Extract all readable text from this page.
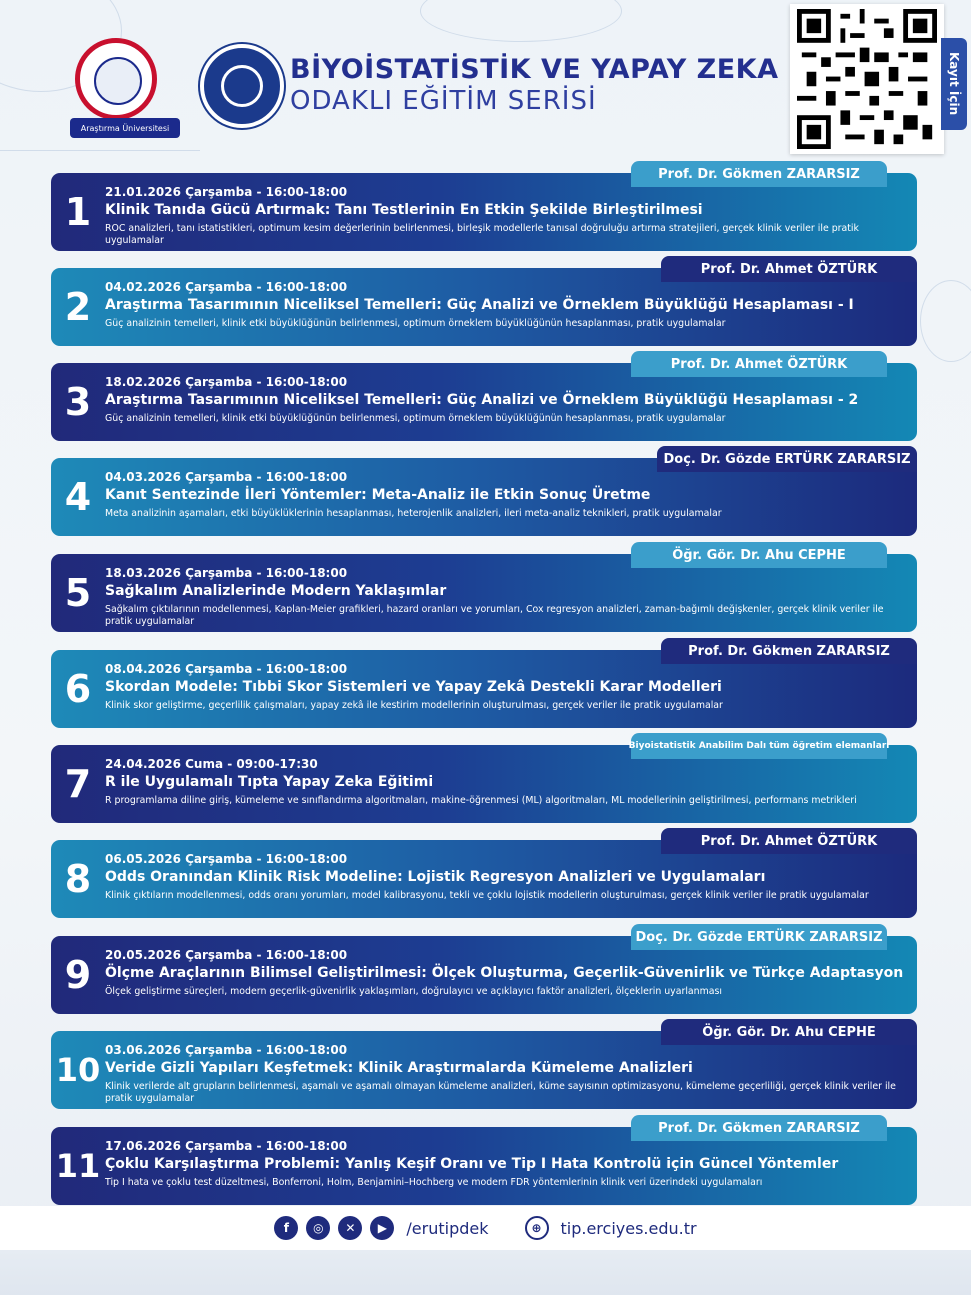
Araştırma Üniversitesi
BİYOİSTATİSTİK VE YAPAY ZEKA
ODAKLI EĞİTİM SERİSİ	Kayıt İçin
1	21.01.2026 Çarşamba - 16:00-18:00
Klinik Tanıda Gücü Artırmak: Tanı Testlerinin En Etkin Şekilde Birleştirilmesi
ROC analizleri, tanı istatistikleri, optimum kesim değerlerinin belirlenmesi, birleşik modellerle tanısal doğruluğu artırma stratejileri, gerçek klinik veriler ile pratik uygulamalar
Prof. Dr. Gökmen ZARARSIZ
2	04.02.2026 Çarşamba - 16:00-18:00
Araştırma Tasarımının Niceliksel Temelleri: Güç Analizi ve Örneklem Büyüklüğü Hesaplaması - I
Güç analizinin temelleri, klinik etki büyüklüğünün belirlenmesi, optimum örneklem büyüklüğünün hesaplanması, pratik uygulamalar
Prof. Dr. Ahmet ÖZTÜRK
3	18.02.2026 Çarşamba - 16:00-18:00
Araştırma Tasarımının Niceliksel Temelleri: Güç Analizi ve Örneklem Büyüklüğü Hesaplaması - 2
Güç analizinin temelleri, klinik etki büyüklüğünün belirlenmesi, optimum örneklem büyüklüğünün hesaplanması, pratik uygulamalar
Prof. Dr. Ahmet ÖZTÜRK
4	04.03.2026 Çarşamba - 16:00-18:00
Kanıt Sentezinde İleri Yöntemler: Meta-Analiz ile Etkin Sonuç Üretme
Meta analizinin aşamaları, etki büyüklüklerinin hesaplanması, heterojenlik analizleri, ileri meta-analiz teknikleri, pratik uygulamalar
Doç. Dr. Gözde ERTÜRK ZARARSIZ
5	18.03.2026 Çarşamba - 16:00-18:00
Sağkalım Analizlerinde Modern Yaklaşımlar
Sağkalım çıktılarının modellenmesi, Kaplan-Meier grafikleri, hazard oranları ve yorumları, Cox regresyon analizleri, zaman-bağımlı değişkenler, gerçek klinik veriler ile pratik uygulamalar
Öğr. Gör. Dr. Ahu CEPHE
6	08.04.2026 Çarşamba - 16:00-18:00
Skordan Modele: Tıbbi Skor Sistemleri ve Yapay Zekâ Destekli Karar Modelleri
Klinik skor geliştirme, geçerlilik çalışmaları, yapay zekâ ile kestirim modellerinin oluşturulması, gerçek veriler ile pratik uygulamalar
Prof. Dr. Gökmen ZARARSIZ
7	24.04.2026 Cuma - 09:00-17:30
R ile Uygulamalı Tıpta Yapay Zeka Eğitimi
R programlama diline giriş, kümeleme ve sınıflandırma algoritmaları, makine-öğrenmesi (ML) algoritmaları, ML modellerinin geliştirilmesi, performans metrikleri
Biyoistatistik Anabilim Dalı tüm öğretim elemanları
8	06.05.2026 Çarşamba - 16:00-18:00
Odds Oranından Klinik Risk Modeline: Lojistik Regresyon Analizleri ve Uygulamaları
Klinik çıktıların modellenmesi, odds oranı yorumları, model kalibrasyonu, tekli ve çoklu lojistik modellerin oluşturulması, gerçek klinik veriler ile pratik uygulamalar
Prof. Dr. Ahmet ÖZTÜRK
9	20.05.2026 Çarşamba - 16:00-18:00
Ölçme Araçlarının Bilimsel Geliştirilmesi: Ölçek Oluşturma, Geçerlik-Güvenirlik ve Türkçe Adaptasyon
Ölçek geliştirme süreçleri, modern geçerlik-güvenirlik yaklaşımları, doğrulayıcı ve açıklayıcı faktör analizleri, ölçeklerin uyarlanması
Doç. Dr. Gözde ERTÜRK ZARARSIZ
10
03.06.2026 Çarşamba - 16:00-18:00
Veride Gizli Yapıları Keşfetmek: Klinik Araştırmalarda Kümeleme Analizleri
Klinik verilerde alt grupların belirlenmesi, aşamalı ve aşamalı olmayan kümeleme analizleri, küme sayısının optimizasyonu, kümeleme geçerliliği, gerçek klinik veriler ile pratik uygulamalar
Öğr. Gör. Dr. Ahu CEPHE
11
17.06.2026 Çarşamba - 16:00-18:00
Çoklu Karşılaştırma Problemi: Yanlış Keşif Oranı ve Tip I Hata Kontrolü için Güncel Yöntemler
Tip I hata ve çoklu test düzeltmesi, Bonferroni, Holm, Benjamini–Hochberg ve modern FDR yöntemlerinin klinik veri üzerindeki uygulamaları
Prof. Dr. Gökmen ZARARSIZ
f	◎	✕	▶	/erutipdek	⊕	tip.erciyes.edu.tr
